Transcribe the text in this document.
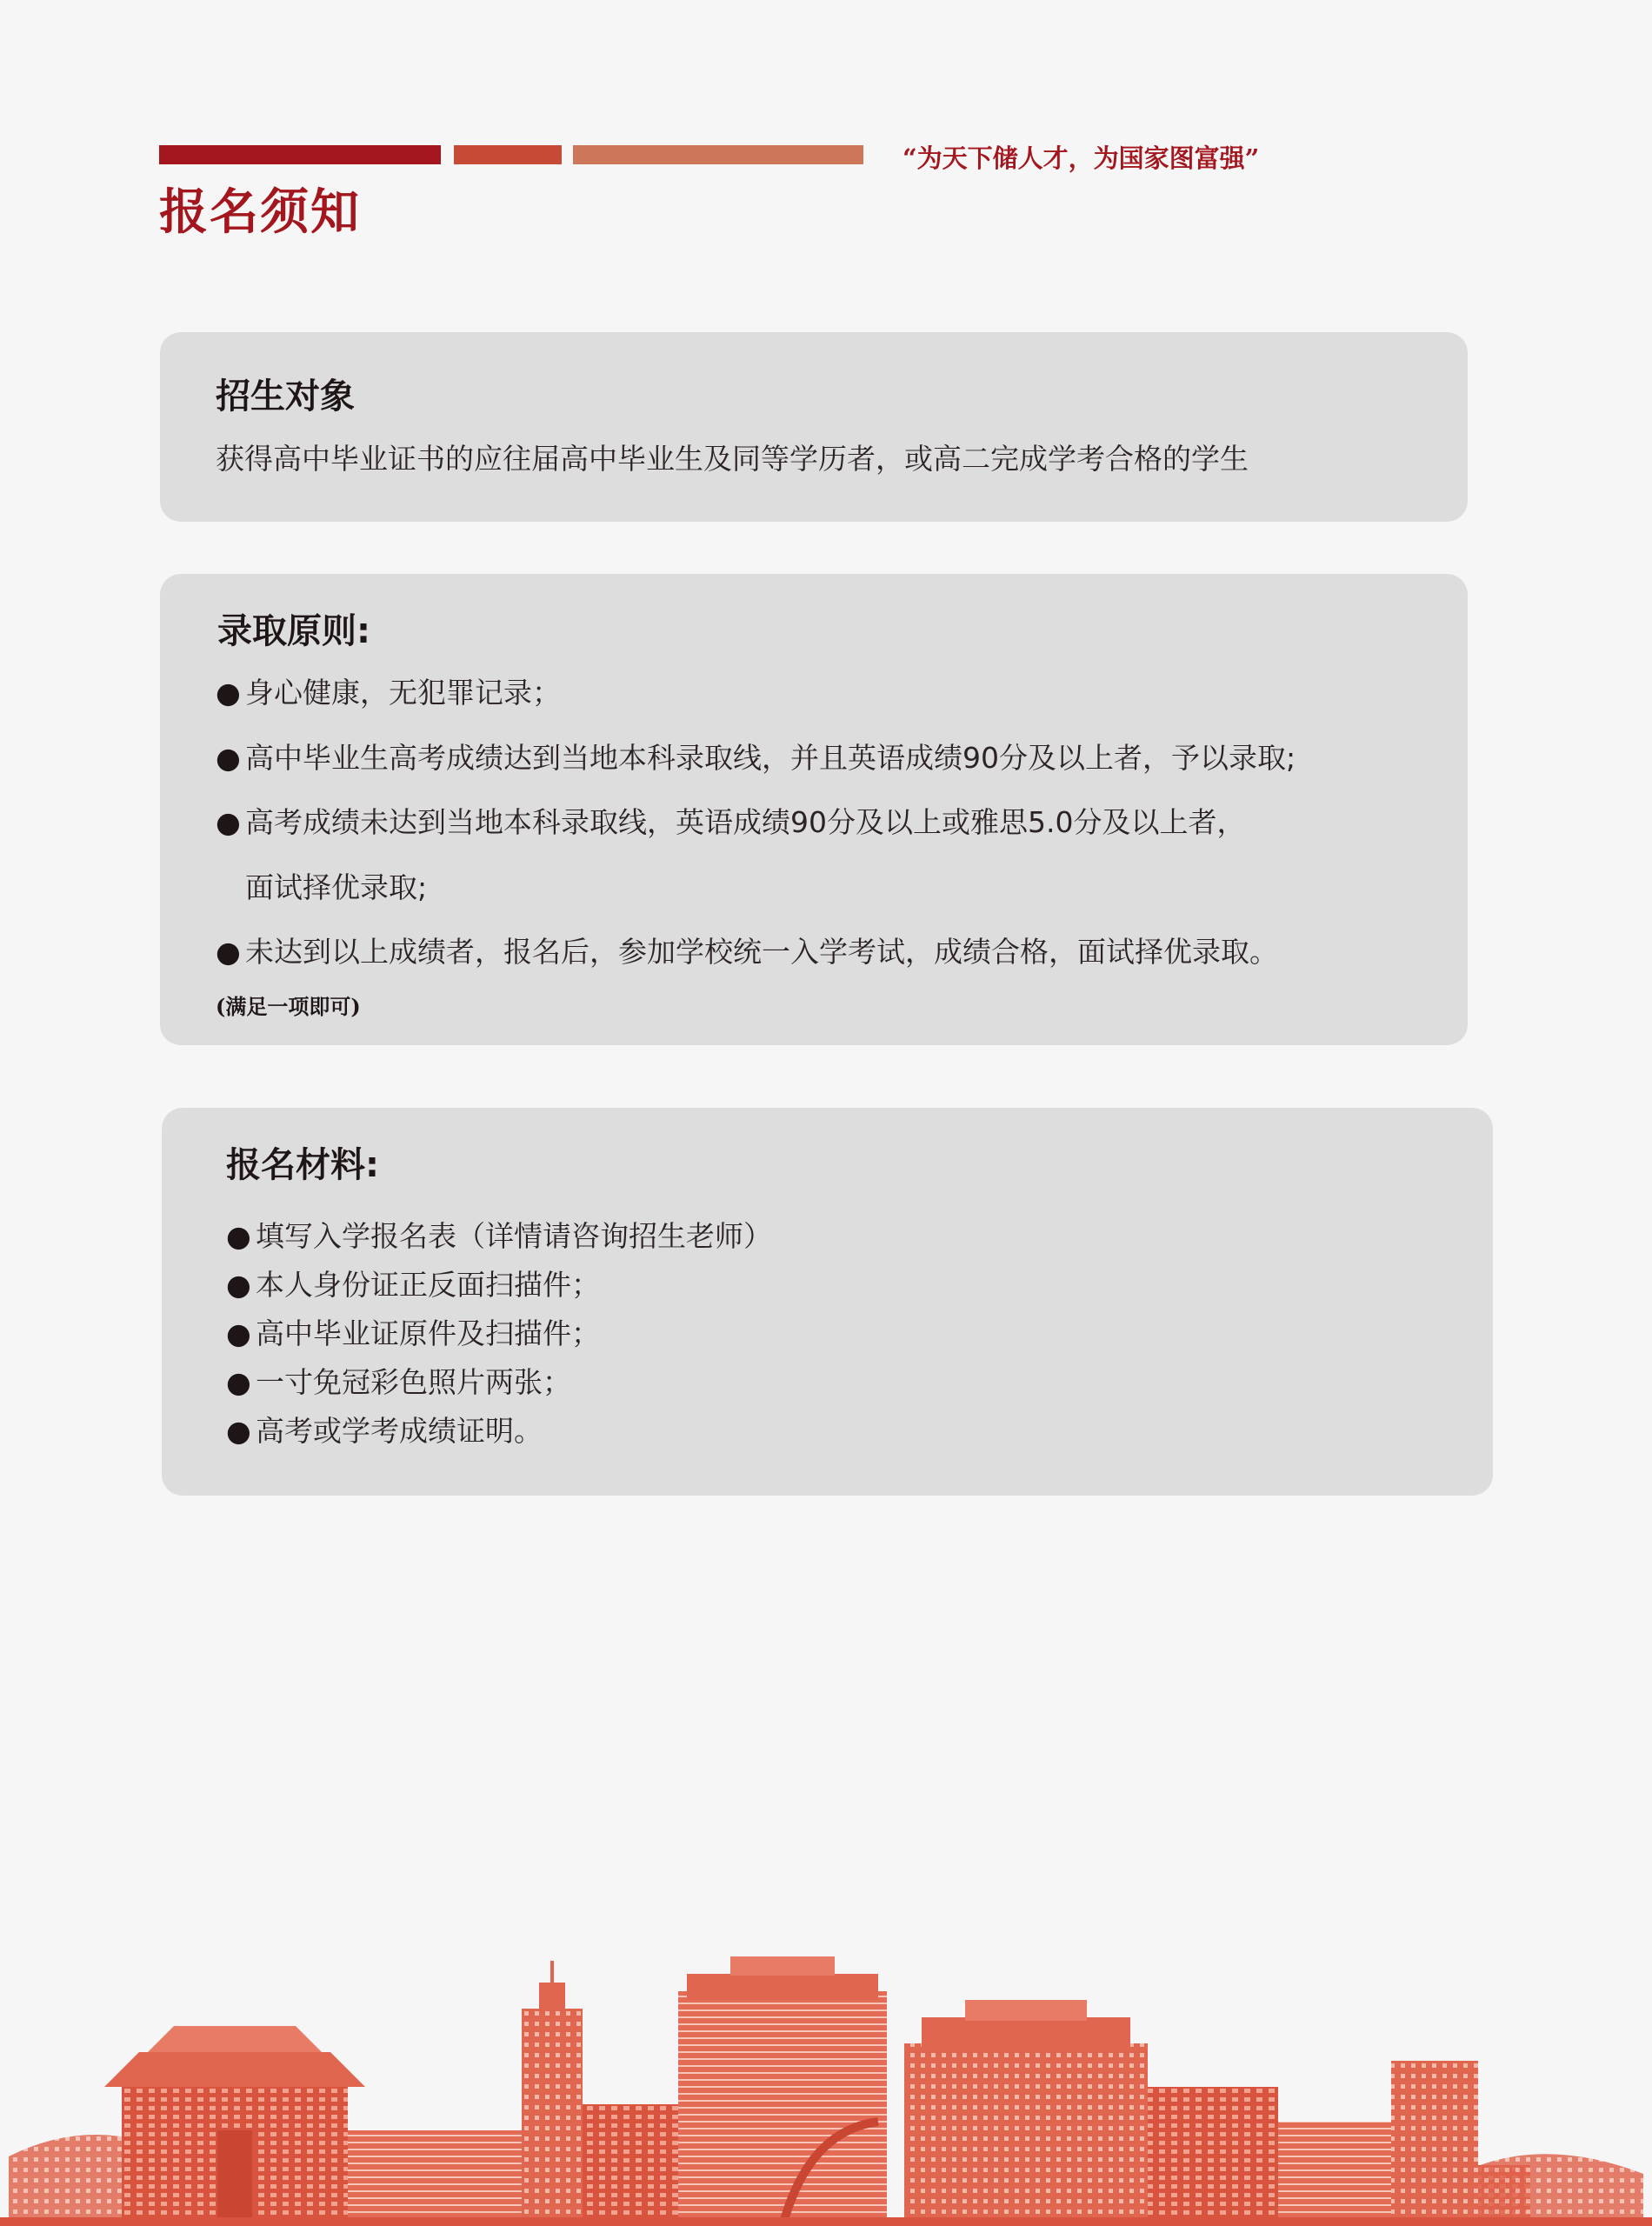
“为天下储人才，为国家图富强”
报名须知
招生对象
获得高中毕业证书的应往届高中毕业生及同等学历者，或高二完成学考合格的学生
录取原则:
● 身心健康，无犯罪记录；
● 高中毕业生高考成绩达到当地本科录取线，并且英语成绩90分及以上者，予以录取;
● 高考成绩未达到当地本科录取线，英语成绩90分及以上或雅思5.0分及以上者，
面试择优录取;
● 未达到以上成绩者，报名后，参加学校统一入学考试，成绩合格，面试择优录取。
(满足一项即可)
报名材料:
● 填写入学报名表（详情请咨询招生老师）
● 本人身份证正反面扫描件；
● 高中毕业证原件及扫描件；
● 一寸免冠彩色照片两张；
● 高考或学考成绩证明。
